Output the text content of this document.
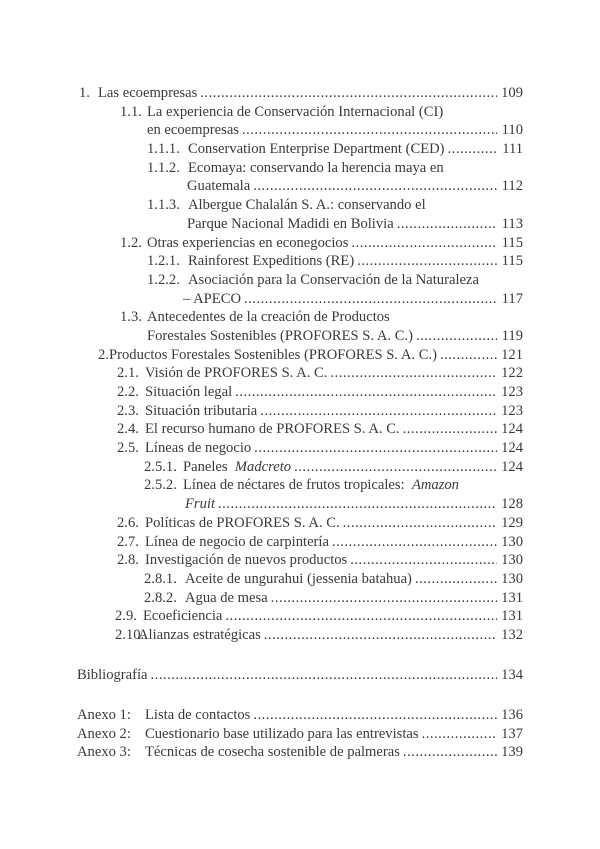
1. Las ecoempresas .....	109
1.1. La experiencia de Conservación Internacional (CI)
en ecoempresas .....	110
1.1.1. Conservation Enterprise Department (CED) .....	111
1.1.2. Ecomaya: conservando la herencia maya en
Guatemala .....	112
1.1.3. Albergue Chalalán S. A.: conservando el
Parque Nacional Madidi en Bolivia .....	113
1.2. Otras experiencias en econegocios .....	115
1.2.1. Rainforest Expeditions (RE) .....	115
1.2.2. Asociación para la Conservación de la Naturaleza
– APECO .....	117
1.3. Antecedentes de la creación de Productos
Forestales Sostenibles (PROFORES S. A. C.) .....	119
2. Productos Forestales Sostenibles (PROFORES S. A. C.) .....	121
2.1. Visión de PROFORES S. A. C. .....	122
2.2. Situación legal .....	123
2.3. Situación tributaria .....	123
2.4. El recurso humano de PROFORES S. A. C. .....	124
2.5. Líneas de negocio .....	124
2.5.1. Paneles  Madcreto .....	124
2.5.2. Línea de néctares de frutos tropicales:  Amazon
Fruit .....	128
2.6. Políticas de PROFORES S. A. C. .....	129
2.7. Línea de negocio de carpintería .....	130
2.8. Investigación de nuevos productos .....	130
2.8.1. Aceite de ungurahui (jessenia batahua) .....	130
2.8.2. Agua de mesa .....	131
2.9. Ecoeficiencia .....	131
2.10.
Alianzas estratégicas .....	132
Bibliografía .....	134
Anexo 1: Lista de contactos .....	136
Anexo 2: Cuestionario base utilizado para las entrevistas .....	137
Anexo 3: Técnicas de cosecha sostenible de palmeras .....	139
